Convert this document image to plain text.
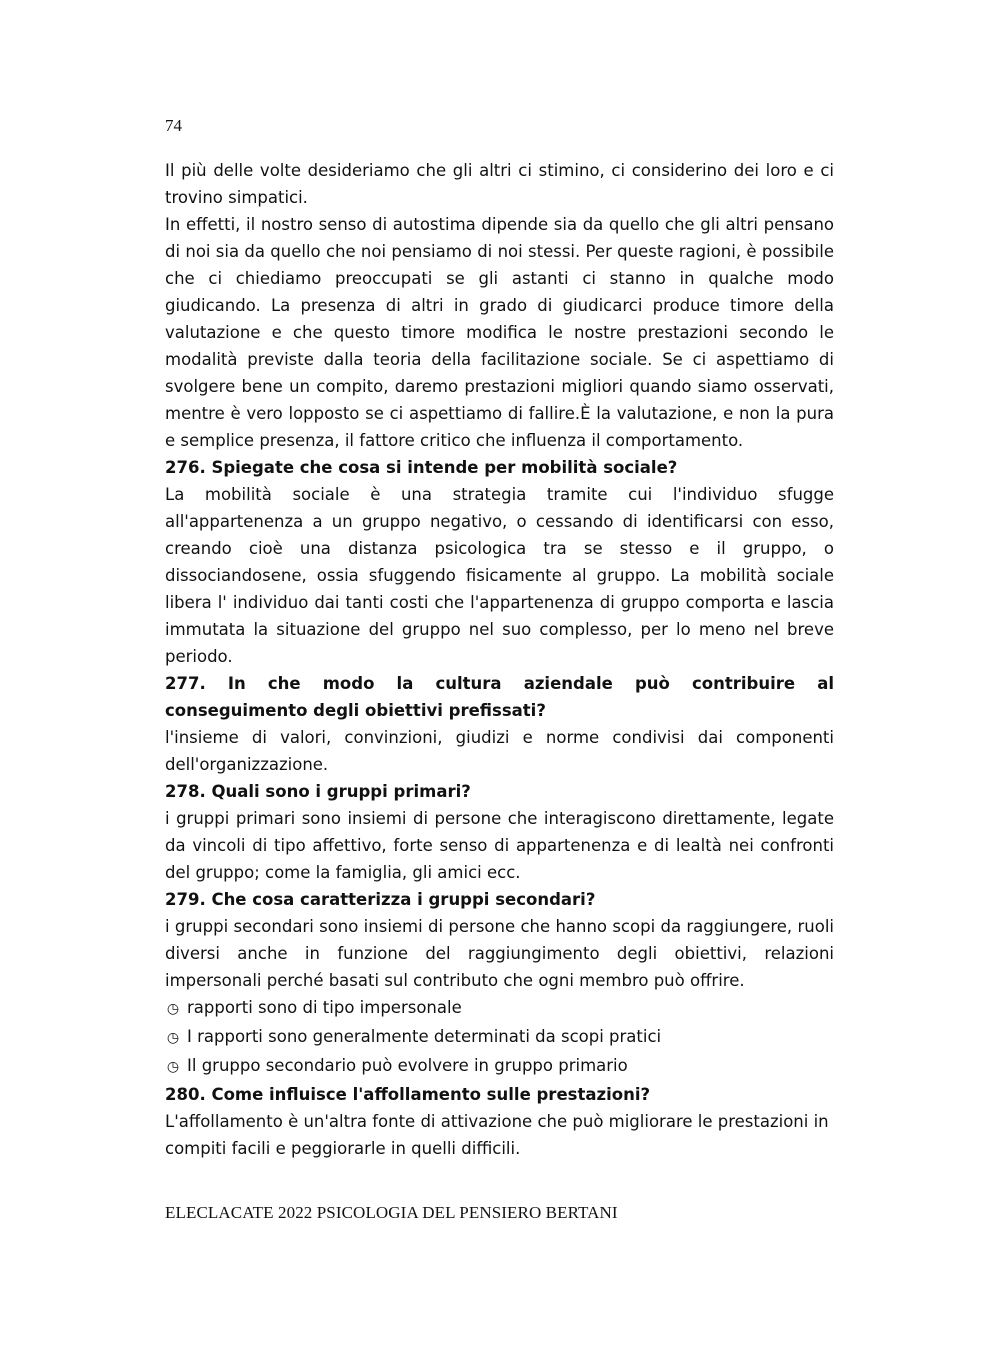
74

Il più delle volte desideriamo che gli altri ci stimino, ci considerino dei loro e ci trovino simpatici.

In effetti, il nostro senso di autostima dipende sia da quello che gli altri pensano di noi sia da quello che noi pensiamo di noi stessi. Per queste ragioni, è possibile che ci chiediamo preoccupati se gli astanti ci stanno in qualche modo giudicando. La presenza di altri in grado di giudicarci produce timore della valutazione e che questo timore modifica le nostre prestazioni secondo le modalità previste dalla teoria della facilitazione sociale. Se ci aspettiamo di svolgere bene un compito, daremo prestazioni migliori quando siamo osservati, mentre è vero lopposto se ci aspettiamo di fallire.È la valutazione, e non la pura e semplice presenza, il fattore critico che influenza il comportamento.

276. Spiegate che cosa si intende per mobilità sociale?

La mobilità sociale è una strategia tramite cui l'individuo sfugge all'appartenenza a un gruppo negativo, o cessando di identificarsi con esso, creando cioè una distanza psicologica tra se stesso e il gruppo, o dissociandosene, ossia sfuggendo fisicamente al gruppo. La mobilità sociale libera l' individuo dai tanti costi che l'appartenenza di gruppo comporta e lascia immutata la situazione del gruppo nel suo complesso, per lo meno nel breve periodo.

277. In che modo la cultura aziendale può contribuire al conseguimento degli obiettivi prefissati?

l'insieme di valori, convinzioni, giudizi e norme condivisi dai componenti dell'organizzazione.

278. Quali sono i gruppi primari?

i gruppi primari sono insiemi di persone che interagiscono direttamente, legate da vincoli di tipo affettivo, forte senso di appartenenza e di lealtà nei confronti del gruppo; come la famiglia, gli amici ecc.

279. Che cosa caratterizza i gruppi secondari?

i gruppi secondari sono insiemi di persone che hanno scopi da raggiungere, ruoli diversi anche in funzione del raggiungimento degli obiettivi, relazioni impersonali perché basati sul contributo che ogni membro può offrire.

◷ rapporti sono di tipo impersonale
◷ I rapporti sono generalmente determinati da scopi pratici
◷ Il gruppo secondario può evolvere in gruppo primario

280. Come influisce l'affollamento sulle prestazioni?

L'affollamento è un'altra fonte di attivazione che può migliorare le prestazioni in compiti facili e peggiorarle in quelli difficili.

ELECLACATE 2022 PSICOLOGIA DEL PENSIERO BERTANI
